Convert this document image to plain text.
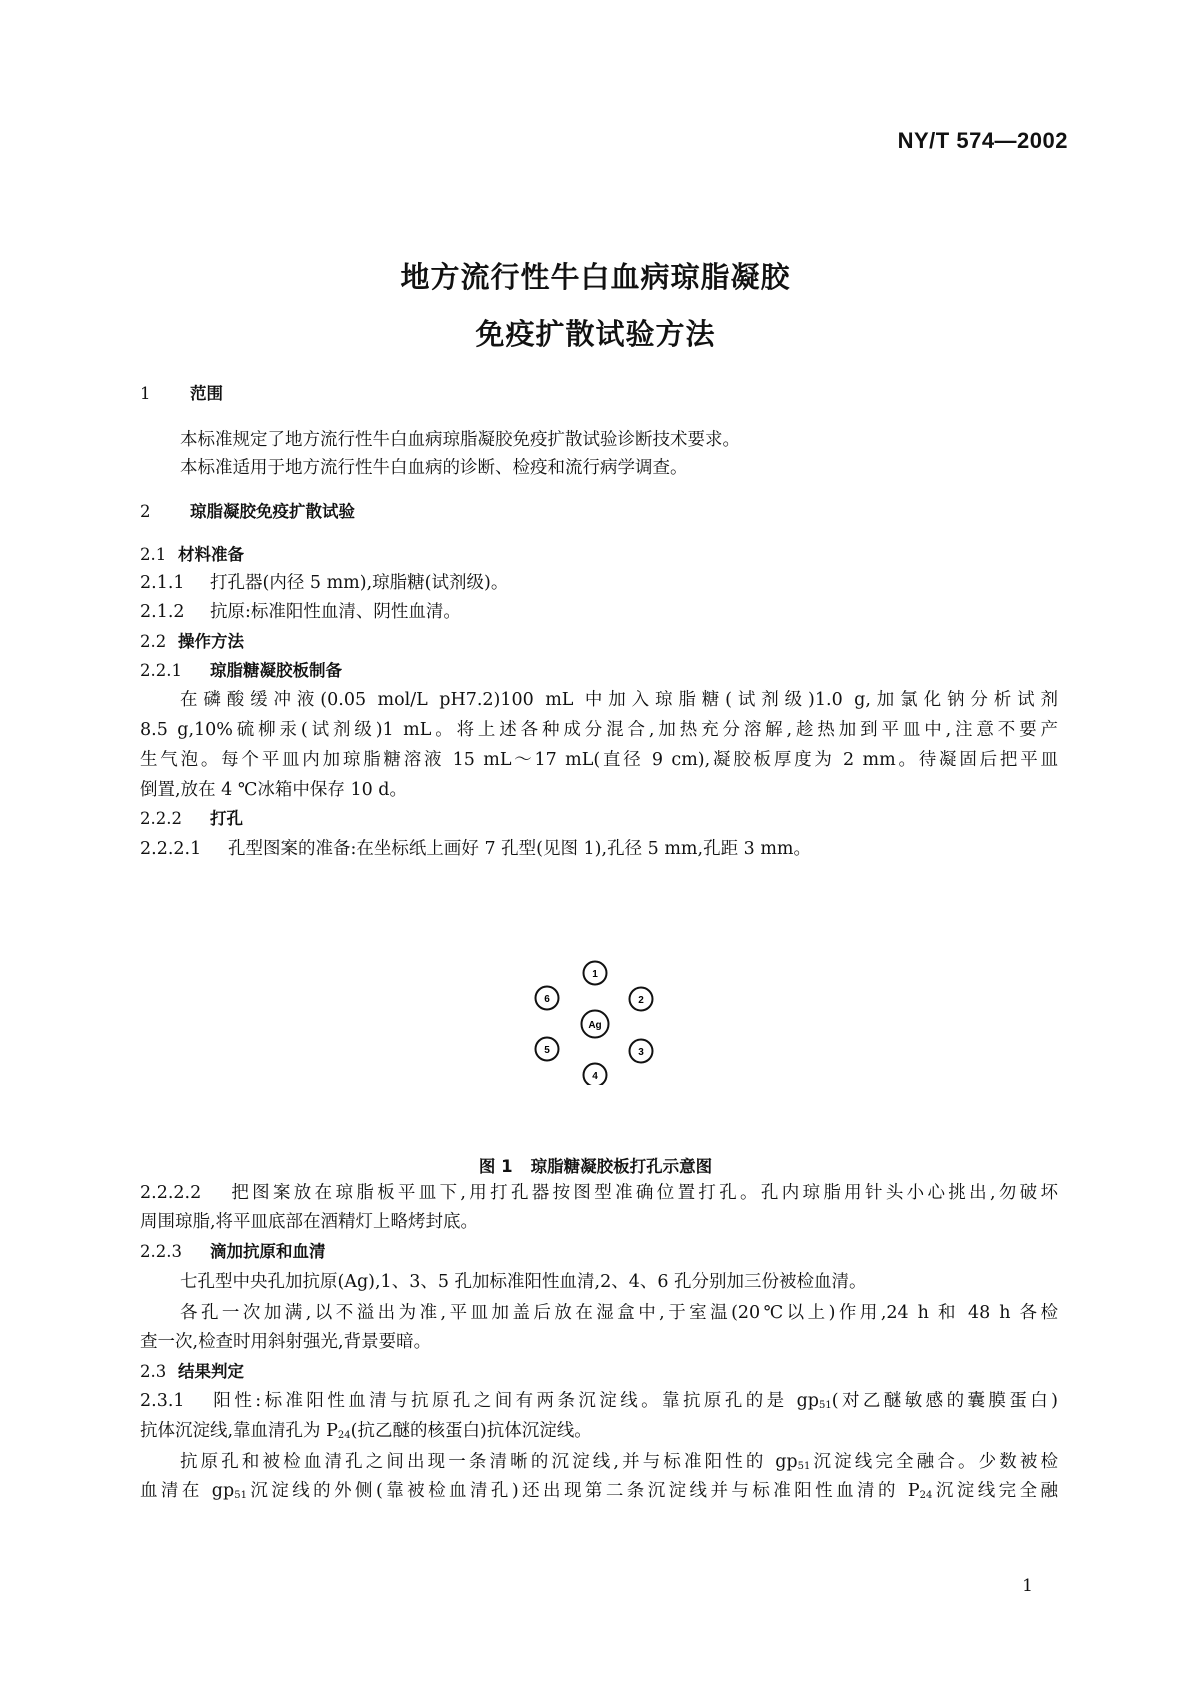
NY/T 574—2002
地方流行性牛白血病琼脂凝胶
免疫扩散试验方法
1 范围
本标准规定了地方流行性牛白血病琼脂凝胶免疫扩散试验诊断技术要求。
本标准适用于地方流行性牛白血病的诊断、检疫和流行病学调查。
2 琼脂凝胶免疫扩散试验
2.1 材料准备
2.1.1 打孔器(内径 5 mm),琼脂糖(试剂级)。
2.1.2 抗原:标准阳性血清、阴性血清。
2.2 操作方法
2.2.1 琼脂糖凝胶板制备
在磷酸缓冲液(0.05 mol/L pH7.2)100 mL 中加入琼脂糖(试剂级)1.0 g,加氯化钠分析试剂
8.5 g,10%硫柳汞(试剂级)1 mL。将上述各种成分混合,加热充分溶解,趁热加到平皿中,注意不要产
生气泡。每个平皿内加琼脂糖溶液 15 mL～17 mL(直径 9 cm),凝胶板厚度为 2 mm。待凝固后把平皿
倒置,放在 4 ℃冰箱中保存 10 d。
2.2.2 打孔
2.2.2.1 孔型图案的准备:在坐标纸上画好 7 孔型(见图 1),孔径 5 mm,孔距 3 mm。
1
2
3
4
5
6
Ag
图 1 琼脂糖凝胶板打孔示意图
2.2.2.2 把图案放在琼脂板平皿下,用打孔器按图型准确位置打孔。孔内琼脂用针头小心挑出,勿破坏
周围琼脂,将平皿底部在酒精灯上略烤封底。
2.2.3 滴加抗原和血清
七孔型中央孔加抗原(Ag),1、3、5 孔加标准阳性血清,2、4、6 孔分别加三份被检血清。
各孔一次加满,以不溢出为准,平皿加盖后放在湿盒中,于室温(20℃以上)作用,24 h 和 48 h 各检
查一次,检查时用斜射强光,背景要暗。
2.3 结果判定
2.3.1 阳性:标准阳性血清与抗原孔之间有两条沉淀线。靠抗原孔的是 $gp_{51}$(对乙醚敏感的囊膜蛋白)
抗体沉淀线,靠血清孔为 $P_{24}$(抗乙醚的核蛋白)抗体沉淀线。
抗原孔和被检血清孔之间出现一条清晰的沉淀线,并与标准阳性的 $gp_{51}$沉淀线完全融合。少数被检
血清在 $gp_{51}$沉淀线的外侧(靠被检血清孔)还出现第二条沉淀线并与标准阳性血清的 $P_{24}$沉淀线完全融
1
